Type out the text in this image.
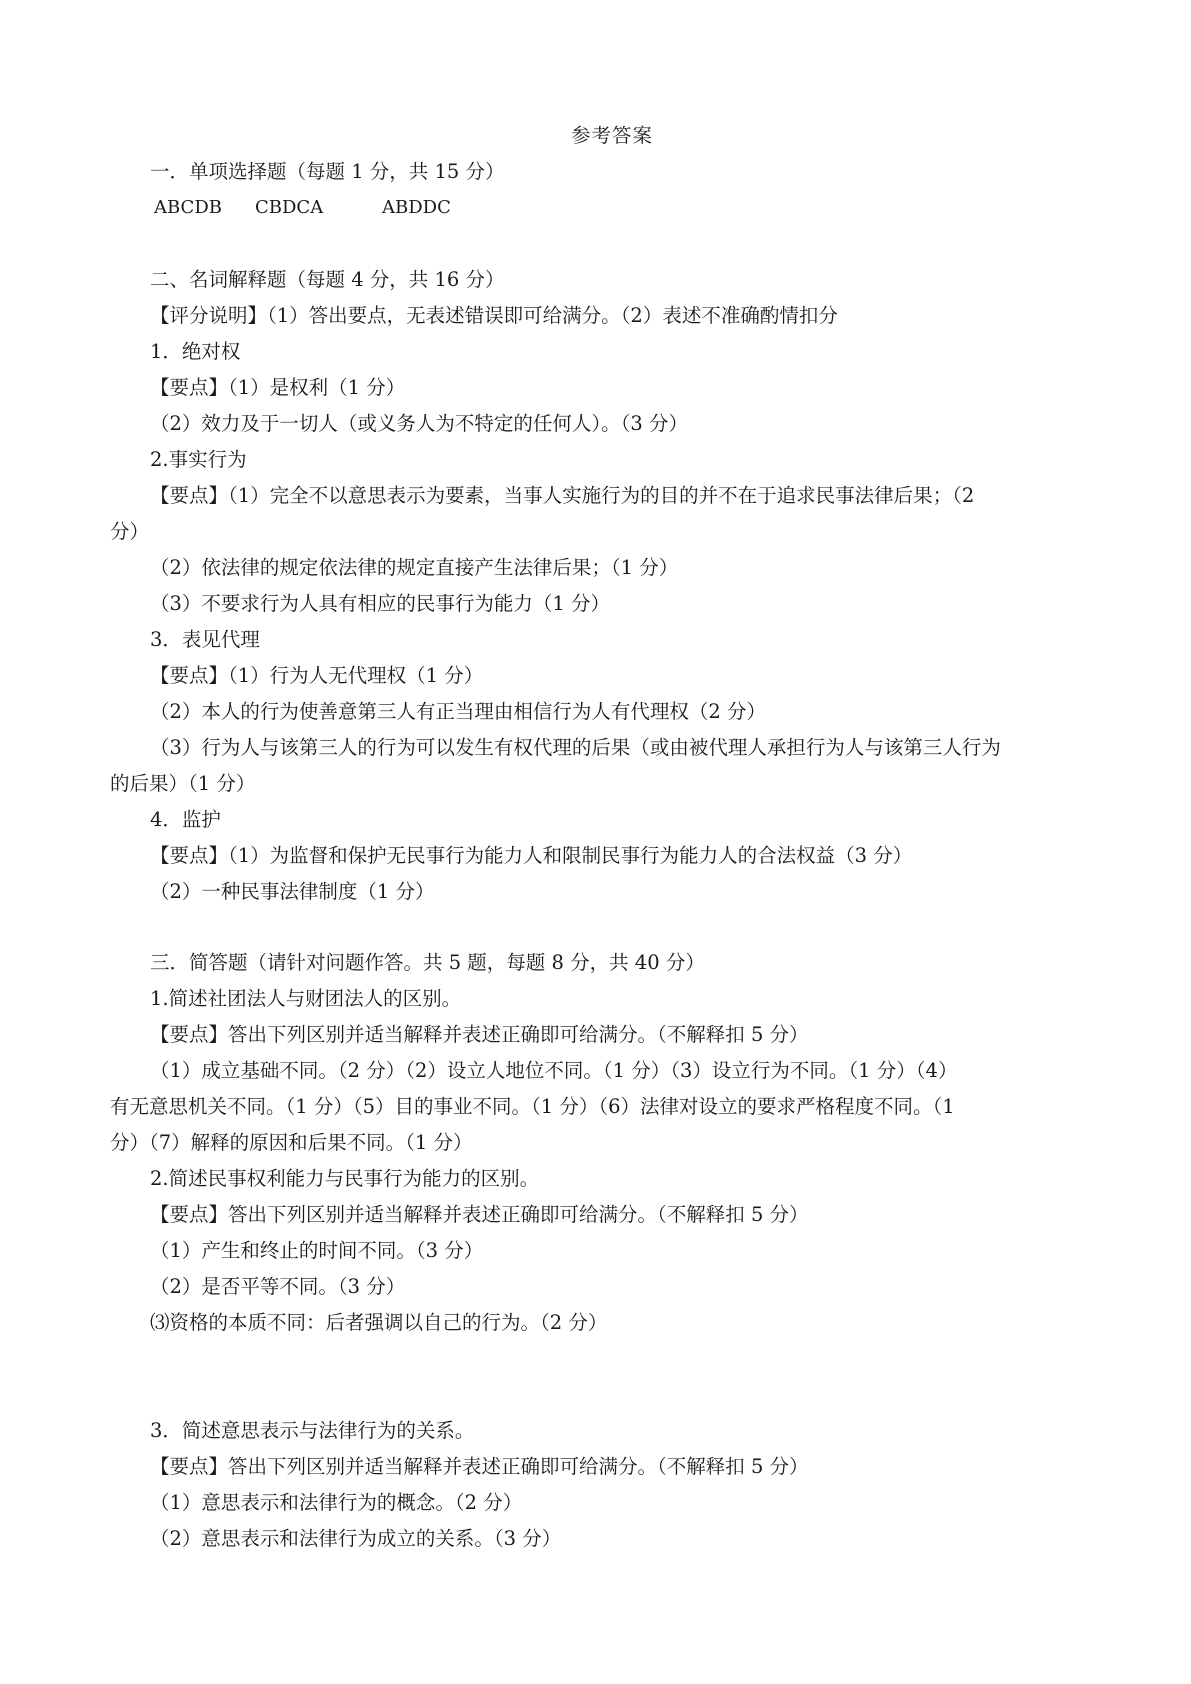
参考答案
一．单项选择题（每题 1 分，共 15 分）
ABCDB CBDCA	ABDDC
二、名词解释题（每题 4 分，共 16 分）
【评分说明】（1）答出要点，无表述错误即可给满分。（2）表述不准确酌情扣分
1．绝对权
【要点】（1）是权利（1 分）
（2）效力及于一切人（或义务人为不特定的任何人）。（3 分）
2.事实行为
【要点】（1）完全不以意思表示为要素，当事人实施行为的目的并不在于追求民事法律后果；（2
分）
（2）依法律的规定依法律的规定直接产生法律后果；（1 分）
（3）不要求行为人具有相应的民事行为能力（1 分）
3．表见代理
【要点】（1）行为人无代理权（1 分）
（2）本人的行为使善意第三人有正当理由相信行为人有代理权（2 分）
（3）行为人与该第三人的行为可以发生有权代理的后果（或由被代理人承担行为人与该第三人行为
的后果）（1 分）
4．监护
【要点】（1）为监督和保护无民事行为能力人和限制民事行为能力人的合法权益（3 分）
（2）一种民事法律制度（1 分）
三．简答题（请针对问题作答。共 5 题，每题 8 分，共 40 分）
1.简述社团法人与财团法人的区别。
【要点】答出下列区别并适当解释并表述正确即可给满分。（不解释扣 5 分）
（1）成立基础不同。（2 分）（2）设立人地位不同。（1 分）（3）设立行为不同。（1 分）（4）
有无意思机关不同。（1 分）（5）目的事业不同。（1 分）（6）法律对设立的要求严格程度不同。（1
分）（7）解释的原因和后果不同。（1 分）
2.简述民事权利能力与民事行为能力的区别。
【要点】答出下列区别并适当解释并表述正确即可给满分。（不解释扣 5 分）
（1）产生和终止的时间不同。（3 分）
（2）是否平等不同。（3 分）
⑶资格的本质不同：后者强调以自己的行为。（2 分）
3．简述意思表示与法律行为的关系。
【要点】答出下列区别并适当解释并表述正确即可给满分。（不解释扣 5 分）
（1）意思表示和法律行为的概念。（2 分）
（2）意思表示和法律行为成立的关系。（3 分）
